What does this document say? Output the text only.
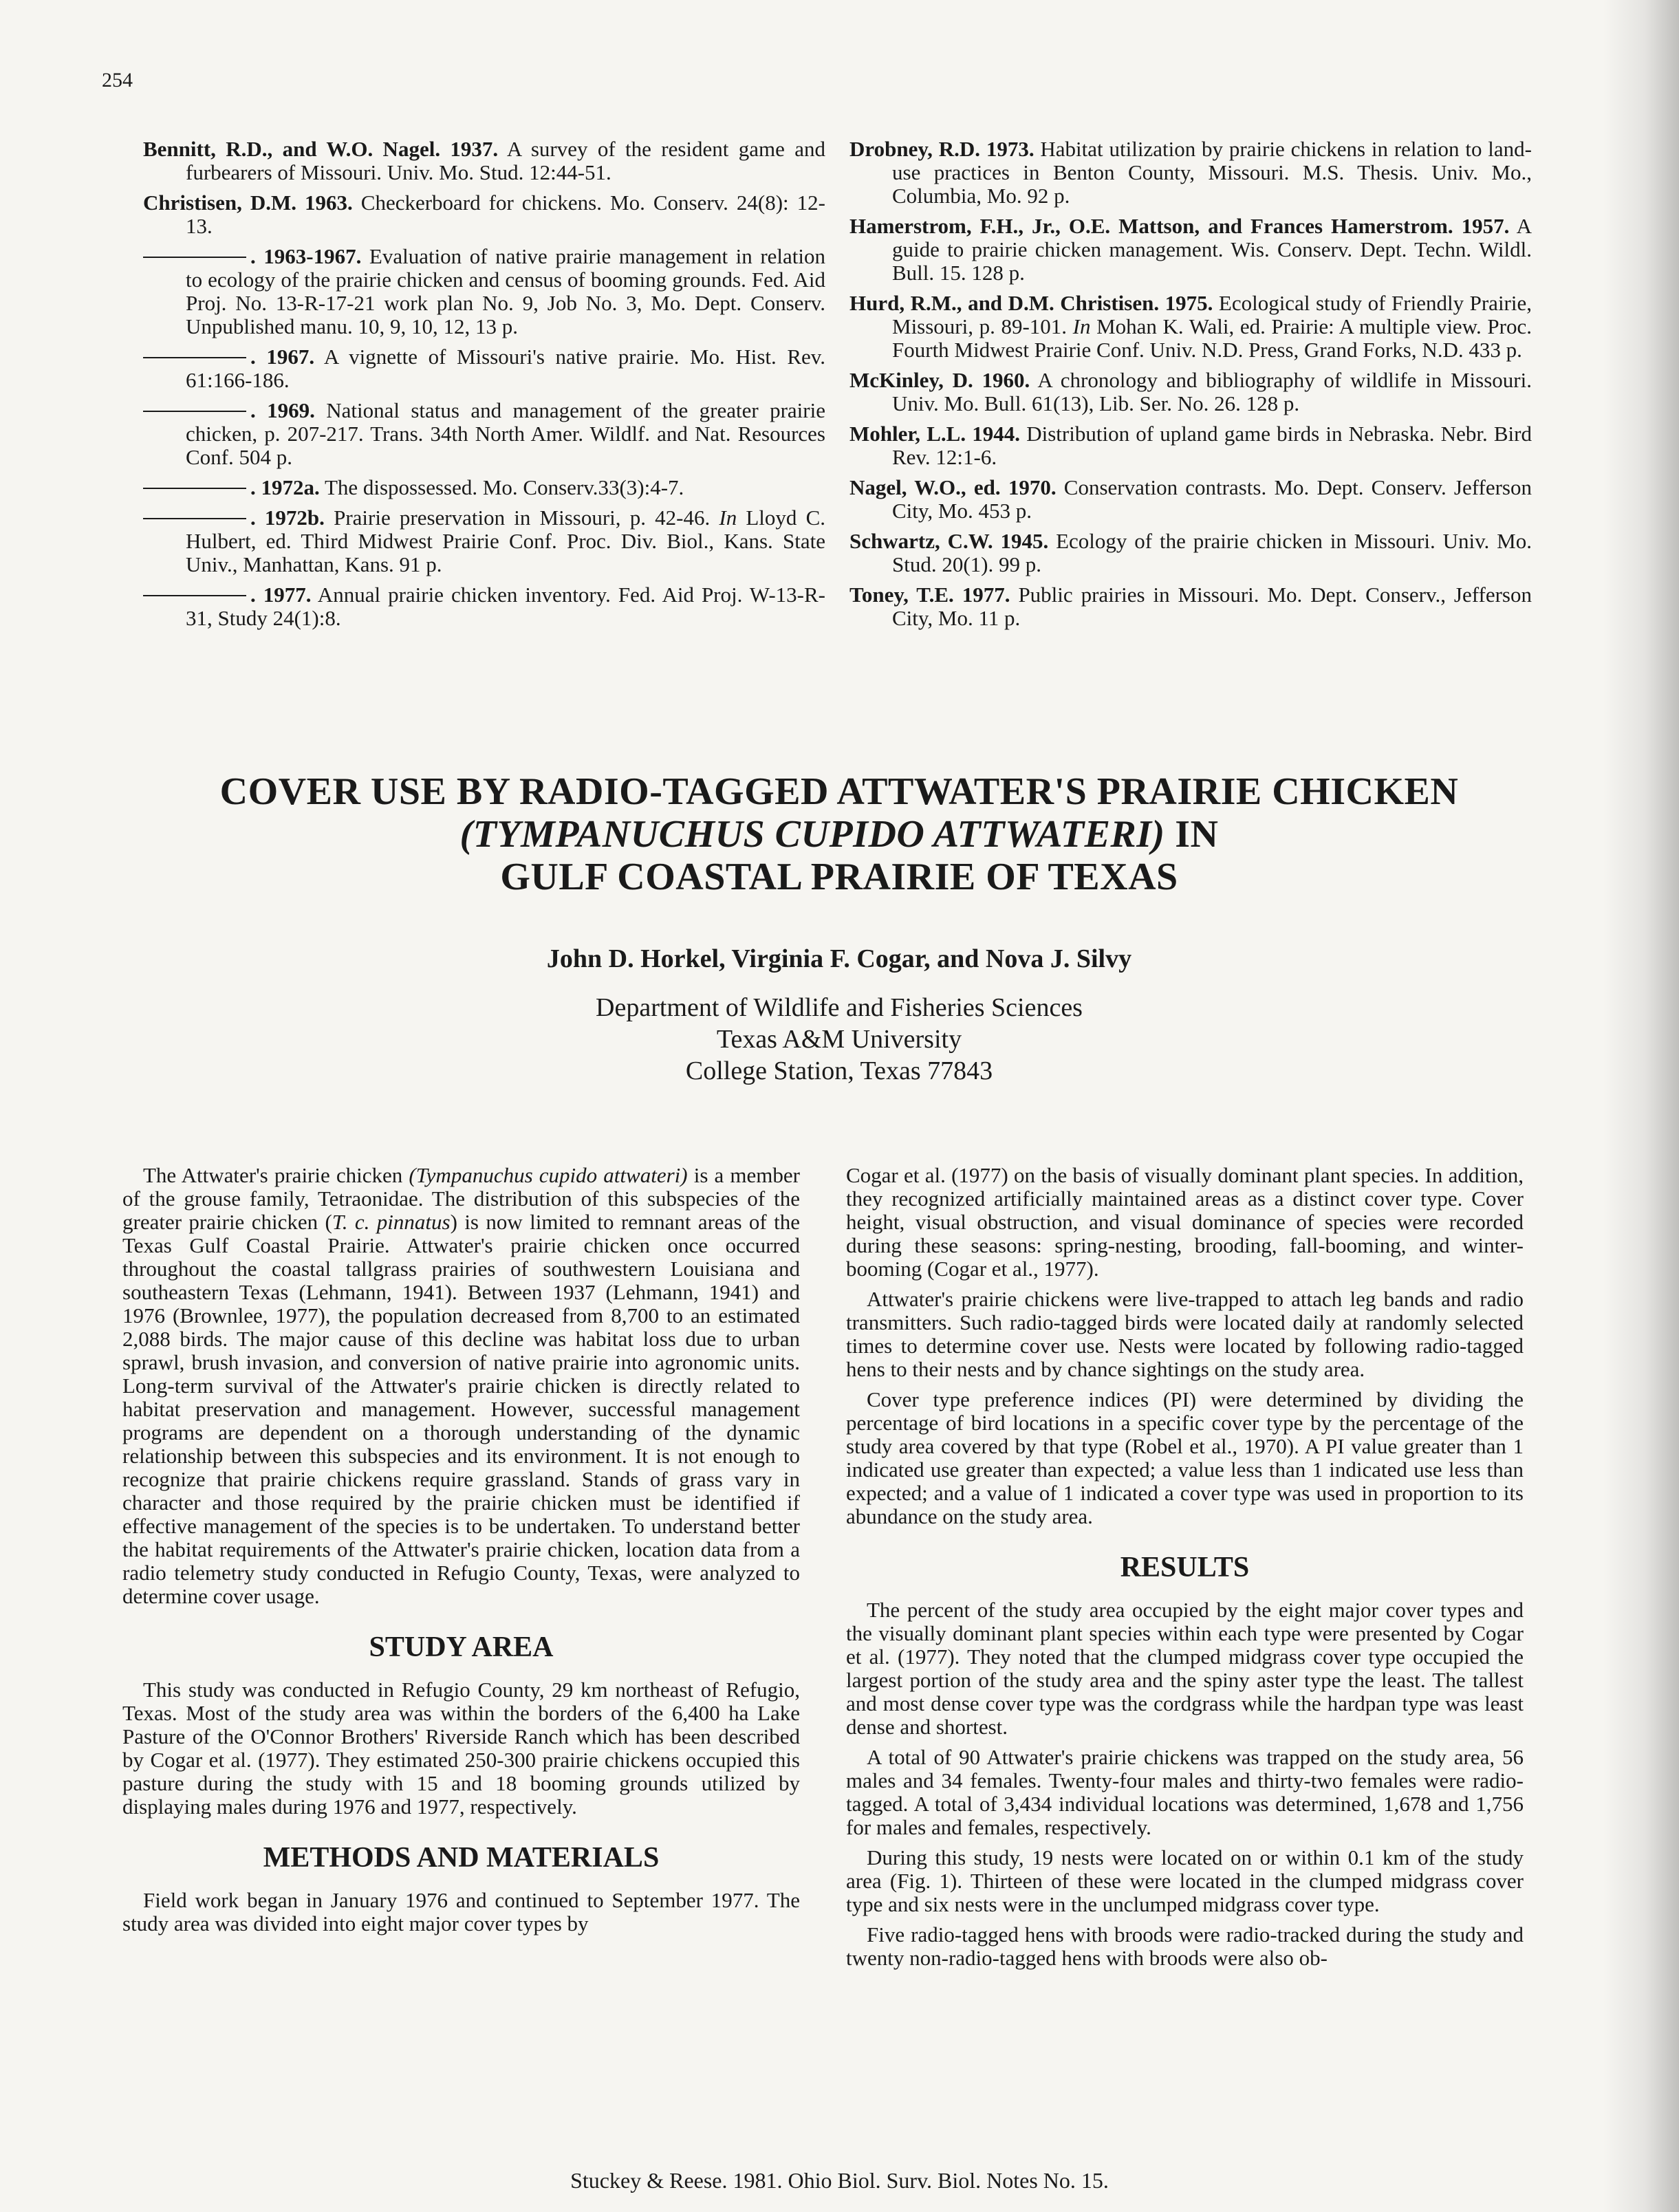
254
Bennitt, R.D., and W.O. Nagel. 1937. A survey of the resident game and furbearers of Missouri. Univ. Mo. Stud. 12:44-51.
Christisen, D.M. 1963. Checkerboard for chickens. Mo. Conserv. 24(8): 12-13.
. 1963-1967. Evaluation of native prairie management in relation to ecology of the prairie chicken and census of booming grounds. Fed. Aid Proj. No. 13-R-17-21 work plan No. 9, Job No. 3, Mo. Dept. Conserv. Unpublished manu. 10, 9, 10, 12, 13 p.
. 1967. A vignette of Missouri's native prairie. Mo. Hist. Rev. 61:166-186.
. 1969. National status and management of the greater prairie chicken, p. 207-217. Trans. 34th North Amer. Wildlf. and Nat. Resources Conf. 504 p.
. 1972a. The dispossessed. Mo. Conserv.33(3):4-7.
. 1972b. Prairie preservation in Missouri, p. 42-46. In Lloyd C. Hulbert, ed. Third Midwest Prairie Conf. Proc. Div. Biol., Kans. State Univ., Manhattan, Kans. 91 p.
. 1977. Annual prairie chicken inventory. Fed. Aid Proj. W-13-R-31, Study 24(1):8.
Drobney, R.D. 1973. Habitat utilization by prairie chickens in relation to land-use practices in Benton County, Missouri. M.S. Thesis. Univ. Mo., Columbia, Mo. 92 p.
Hamerstrom, F.H., Jr., O.E. Mattson, and Frances Hamerstrom. 1957. A guide to prairie chicken management. Wis. Conserv. Dept. Techn. Wildl. Bull. 15. 128 p.
Hurd, R.M., and D.M. Christisen. 1975. Ecological study of Friendly Prairie, Missouri, p. 89-101. In Mohan K. Wali, ed. Prairie: A multiple view. Proc. Fourth Midwest Prairie Conf. Univ. N.D. Press, Grand Forks, N.D. 433 p.
McKinley, D. 1960. A chronology and bibliography of wildlife in Missouri. Univ. Mo. Bull. 61(13), Lib. Ser. No. 26. 128 p.
Mohler, L.L. 1944. Distribution of upland game birds in Nebraska. Nebr. Bird Rev. 12:1-6.
Nagel, W.O., ed. 1970. Conservation contrasts. Mo. Dept. Conserv. Jefferson City, Mo. 453 p.
Schwartz, C.W. 1945. Ecology of the prairie chicken in Missouri. Univ. Mo. Stud. 20(1). 99 p.
Toney, T.E. 1977. Public prairies in Missouri. Mo. Dept. Conserv., Jefferson City, Mo. 11 p.
COVER USE BY RADIO-TAGGED ATTWATER'S PRAIRIE CHICKEN
(TYMPANUCHUS CUPIDO ATTWATERI) IN
GULF COASTAL PRAIRIE OF TEXAS
John D. Horkel, Virginia F. Cogar, and Nova J. Silvy
Department of Wildlife and Fisheries Sciences
Texas A&M University
College Station, Texas 77843

The Attwater's prairie chicken (Tympanuchus cupido attwateri) is a member of the grouse family, Tetraonidae. The distribution of this subspecies of the greater prairie chicken (T. c. pinnatus) is now limited to remnant areas of the Texas Gulf Coastal Prairie. Attwater's prairie chicken once occurred throughout the coastal tallgrass prairies of southwestern Louisiana and southeastern Texas (Lehmann, 1941). Between 1937 (Lehmann, 1941) and 1976 (Brownlee, 1977), the population decreased from 8,700 to an estimated 2,088 birds. The major cause of this decline was habitat loss due to urban sprawl, brush invasion, and conversion of native prairie into agronomic units. Long-term survival of the Attwater's prairie chicken is directly related to habitat preservation and management. However, successful management programs are dependent on a thorough understanding of the dynamic relationship between this subspecies and its environment. It is not enough to recognize that prairie chickens require grassland. Stands of grass vary in character and those required by the prairie chicken must be identified if effective management of the species is to be undertaken. To understand better the habitat requirements of the Attwater's prairie chicken, location data from a radio telemetry study conducted in Refugio County, Texas, were analyzed to determine cover usage.

STUDY AREA

This study was conducted in Refugio County, 29 km northeast of Refugio, Texas. Most of the study area was within the borders of the 6,400 ha Lake Pasture of the O'Connor Brothers' Riverside Ranch which has been described by Cogar et al. (1977). They estimated 250-300 prairie chickens occupied this pasture during the study with 15 and 18 booming grounds utilized by displaying males during 1976 and 1977, respectively.

METHODS AND MATERIALS

Field work began in January 1976 and continued to September 1977. The study area was divided into eight major cover types by

Cogar et al. (1977) on the basis of visually dominant plant species. In addition, they recognized artificially maintained areas as a distinct cover type. Cover height, visual obstruction, and visual dominance of species were recorded during these seasons: spring-nesting, brooding, fall-booming, and winter-booming (Cogar et al., 1977).

Attwater's prairie chickens were live-trapped to attach leg bands and radio transmitters. Such radio-tagged birds were located daily at randomly selected times to determine cover use. Nests were located by following radio-tagged hens to their nests and by chance sightings on the study area.

Cover type preference indices (PI) were determined by dividing the percentage of bird locations in a specific cover type by the percentage of the study area covered by that type (Robel et al., 1970). A PI value greater than 1 indicated use greater than expected; a value less than 1 indicated use less than expected; and a value of 1 indicated a cover type was used in proportion to its abundance on the study area.

RESULTS

The percent of the study area occupied by the eight major cover types and the visually dominant plant species within each type were presented by Cogar et al. (1977). They noted that the clumped midgrass cover type occupied the largest portion of the study area and the spiny aster type the least. The tallest and most dense cover type was the cordgrass while the hardpan type was least dense and shortest.

A total of 90 Attwater's prairie chickens was trapped on the study area, 56 males and 34 females. Twenty-four males and thirty-two females were radio-tagged. A total of 3,434 individual locations was determined, 1,678 and 1,756 for males and females, respectively.

During this study, 19 nests were located on or within 0.1 km of the study area (Fig. 1). Thirteen of these were located in the clumped midgrass cover type and six nests were in the unclumped midgrass cover type.

Five radio-tagged hens with broods were radio-tracked during the study and twenty non-radio-tagged hens with broods were also ob-

Stuckey & Reese. 1981. Ohio Biol. Surv. Biol. Notes No. 15.
